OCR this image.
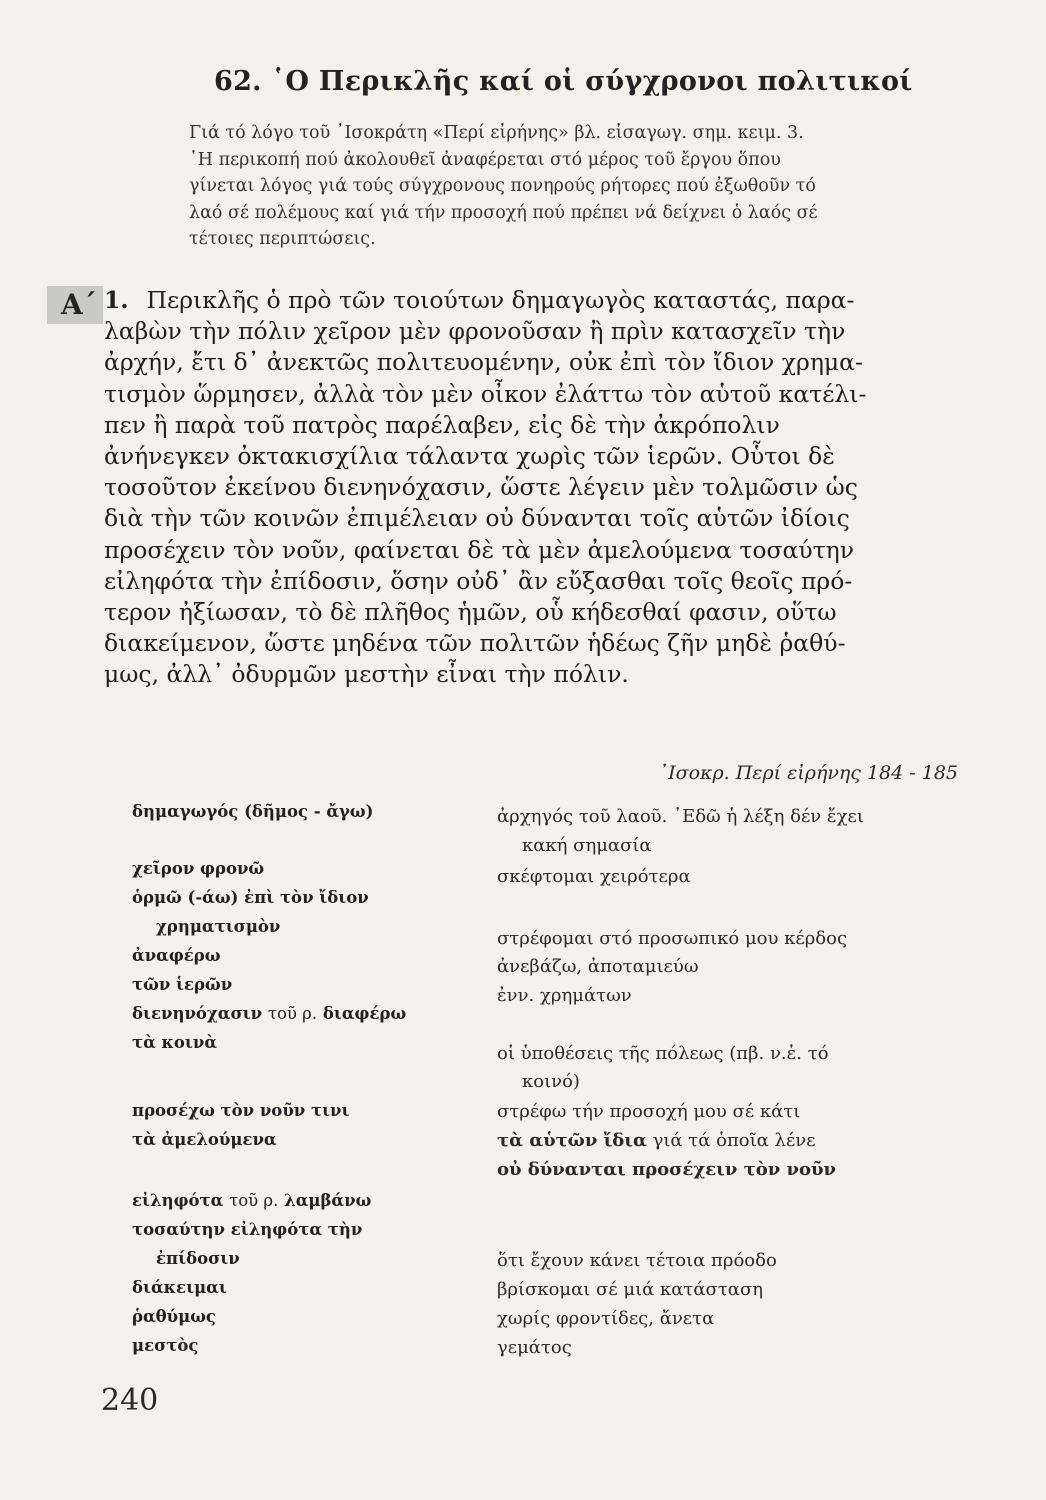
62. ῾Ο Περικλῆς καί οἱ σύγχρονοι πολιτικοί
Γιά τό λόγο τοῦ ᾿Ισοκράτη «Περί εἰρήνης» βλ. εἰσαγωγ. σημ. κειμ. 3.
῾Η περικοπή πού ἀκολουθεῖ ἀναφέρεται στό μέρος τοῦ ἔργου ὅπου
γίνεται λόγος γιά τούς σύγχρονους πονηρούς ρήτορες πού ἐξωθοῦν τό
λαό σέ πολέμους καί γιά τήν προσοχή πού πρέπει νά δείχνει ὁ λαός σέ
τέτοιες περιπτώσεις.
Α΄ 1. Περικλῆς ὁ πρὸ τῶν τοιούτων δημαγωγὸς καταστάς, παρα-
λαβὼν τὴν πόλιν χεῖρον μὲν φρονοῦσαν ἢ πρὶν κατασχεῖν τὴν
ἀρχήν, ἔτι δ᾿ ἀνεκτῶς πολιτευομένην, οὐκ ἐπὶ τὸν ἴδιον χρημα-
τισμὸν ὥρμησεν, ἀλλὰ τὸν μὲν οἶκον ἐλάττω τὸν αὑτοῦ κατέλι-
πεν ἢ παρὰ τοῦ πατρὸς παρέλαβεν, εἰς δὲ τὴν ἀκρόπολιν
ἀνήνεγκεν ὀκτακισχίλια τάλαντα χωρὶς τῶν ἱερῶν. Οὗτοι δὲ
τοσοῦτον ἐκείνου διενηνόχασιν, ὥστε λέγειν μὲν τολμῶσιν ὡς
διὰ τὴν τῶν κοινῶν ἐπιμέλειαν οὐ δύνανται τοῖς αὑτῶν ἰδίοις
προσέχειν τὸν νοῦν, φαίνεται δὲ τὰ μὲν ἀμελούμενα τοσαύτην
εἰληφότα τὴν ἐπίδοσιν, ὅσην οὐδ᾿ ἂν εὔξασθαι τοῖς θεοῖς πρό-
τερον ἠξίωσαν, τὸ δὲ πλῆθος ἡμῶν, οὗ κήδεσθαί φασιν, οὕτω
διακείμενον, ὥστε μηδένα τῶν πολιτῶν ἡδέως ζῆν μηδὲ ῥαθύ-
μως, ἀλλ᾿ ὀδυρμῶν μεστὴν εἶναι τὴν πόλιν.
᾿Ισοκρ. Περί εἰρήνης 184 - 185
δημαγωγός (δῆμος - ἄγω)
χεῖρον φρονῶ
ὁρμῶ (-άω) ἐπὶ τὸν ἴδιον
χρηματισμὸν
ἀναφέρω
τῶν ἱερῶν
διενηνόχασιν τοῦ ρ. διαφέρω
τὰ κοινὰ
προσέχω τὸν νοῦν τινι
τὰ ἀμελούμενα
εἰληφότα τοῦ ρ. λαμβάνω
τοσαύτην εἰληφότα τὴν
ἐπίδοσιν
διάκειμαι
ῥαθύμως
μεστὸς
ἀρχηγός τοῦ λαοῦ. ᾿Εδῶ ἡ λέξη δέν ἔχει
κακή σημασία
σκέφτομαι χειρότερα
στρέφομαι στό προσωπικό μου κέρδος
ἀνεβάζω, ἀποταμιεύω
ἐνν. χρημάτων
οἱ ὑποθέσεις τῆς πόλεως (πβ. ν.ἑ. τό
κοινό)
στρέφω τήν προσοχή μου σέ κάτι
τὰ αὑτῶν ἴδια γιά τά ὁποῖα λένε
οὐ δύνανται προσέχειν τὸν νοῦν
ὅτι ἔχουν κάνει τέτοια πρόοδο
βρίσκομαι σέ μιά κατάσταση
χωρίς φροντίδες, ἄνετα
γεμάτος
240
